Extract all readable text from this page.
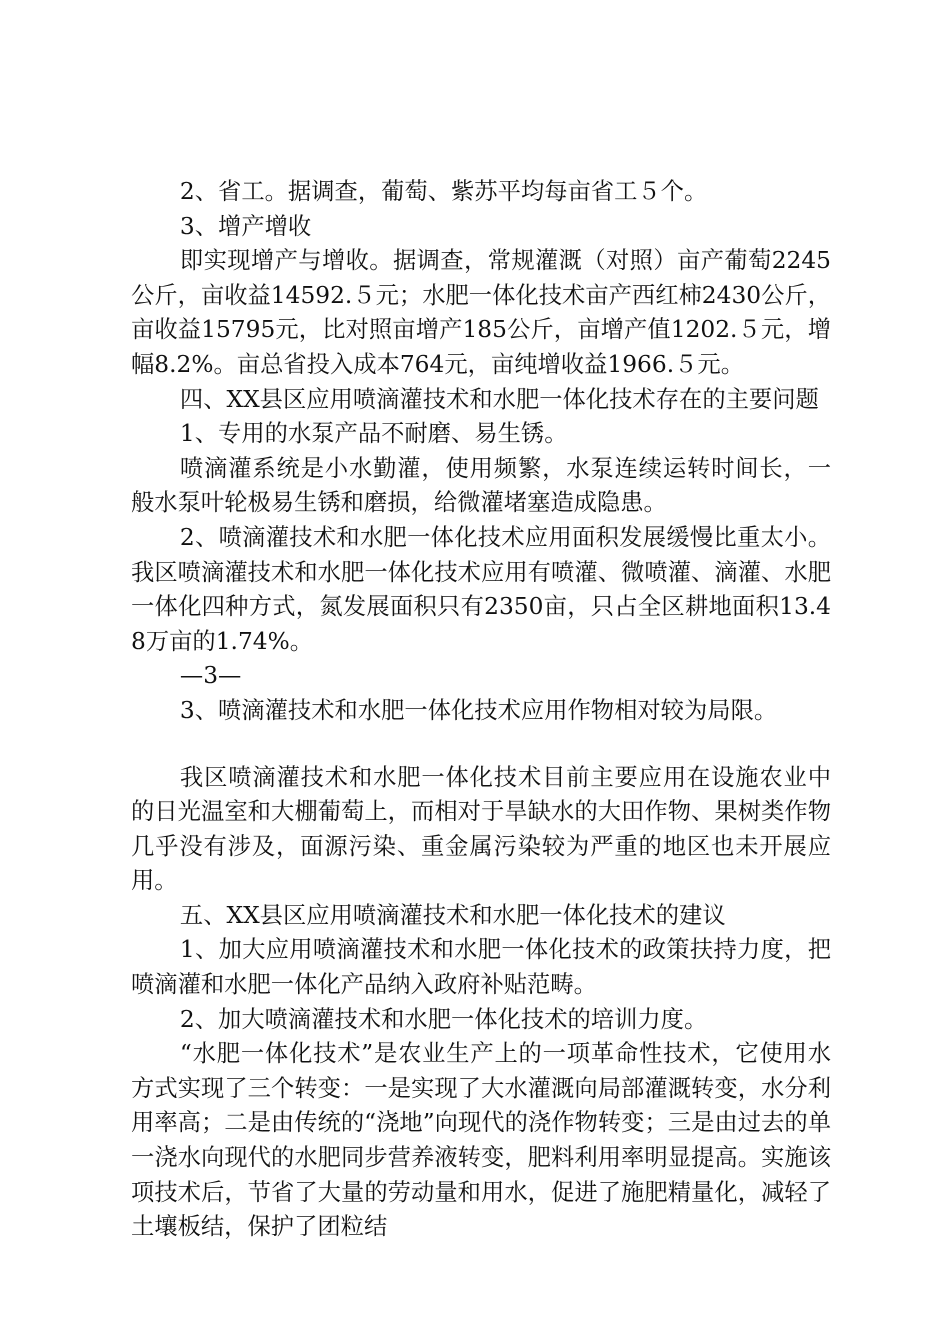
2、省工。据调查，葡萄、紫苏平均每亩省工５个。

3、增产增收

即实现增产与增收。据调查，常规灌溉（对照）亩产葡萄2245公斤，亩收益14592.５元；水肥一体化技术亩产西红柿2430公斤，亩收益15795元，比对照亩增产185公斤，亩增产值1202.５元，增幅8.2%。亩总省投入成本764元，亩纯增收益1966.５元。

四、XX县区应用喷滴灌技术和水肥一体化技术存在的主要问题

1、专用的水泵产品不耐磨、易生锈。

喷滴灌系统是小水勤灌，使用频繁，水泵连续运转时间长，一般水泵叶轮极易生锈和磨损，给微灌堵塞造成隐患。

2、喷滴灌技术和水肥一体化技术应用面积发展缓慢比重太小。我区喷滴灌技术和水肥一体化技术应用有喷灌、微喷灌、滴灌、水肥一体化四种方式，氮发展面积只有2350亩，只占全区耕地面积13.48万亩的1.74%。

—3—

3、喷滴灌技术和水肥一体化技术应用作物相对较为局限。

我区喷滴灌技术和水肥一体化技术目前主要应用在设施农业中的日光温室和大棚葡萄上，而相对于旱缺水的大田作物、果树类作物几乎没有涉及，面源污染、重金属污染较为严重的地区也未开展应用。

五、XX县区应用喷滴灌技术和水肥一体化技术的建议

1、加大应用喷滴灌技术和水肥一体化技术的政策扶持力度，把喷滴灌和水肥一体化产品纳入政府补贴范畴。

2、加大喷滴灌技术和水肥一体化技术的培训力度。

“水肥一体化技术”是农业生产上的一项革命性技术，它使用水方式实现了三个转变：一是实现了大水灌溉向局部灌溉转变，水分利用率高；二是由传统的“浇地”向现代的浇作物转变；三是由过去的单一浇水向现代的水肥同步营养液转变，肥料利用率明显提高。实施该项技术后，节省了大量的劳动量和用水，促进了施肥精量化，减轻了土壤板结，保护了团粒结
